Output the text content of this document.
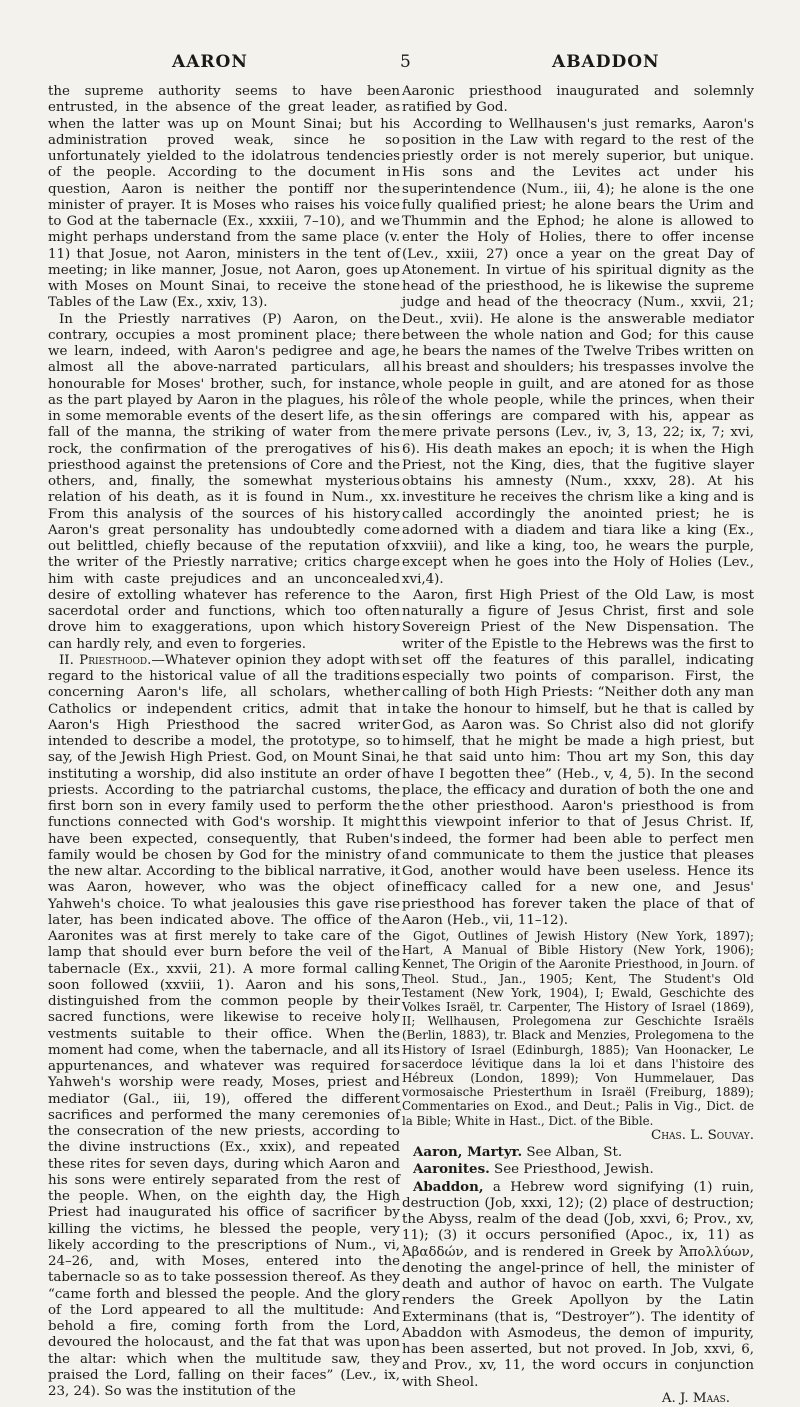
AARON	5	ABADDON

the supreme authority seems to have been entrusted, in the absence of the great leader, as when the latter was up on Mount Sinai; but his administration proved weak, since he so unfortunately yielded to the idolatrous tendencies of the people. According to the document in question, Aaron is neither the pontiff nor the minister of prayer. It is Moses who raises his voice to God at the tabernacle (Ex., xxxiii, 7–10), and we might perhaps understand from the same place (v. 11) that Josue, not Aaron, ministers in the tent of meeting; in like manner, Josue, not Aaron, goes up with Moses on Mount Sinai, to receive the stone Tables of the Law (Ex., xxiv, 13).

In the Priestly narratives (P) Aaron, on the contrary, occupies a most prominent place; there we learn, indeed, with Aaron's pedigree and age, almost all the above-narrated particulars, all honourable for Moses' brother, such, for instance, as the part played by Aaron in the plagues, his rôle in some memorable events of the desert life, as the fall of the manna, the striking of water from the rock, the confirmation of the prerogatives of his priesthood against the pretensions of Core and the others, and, finally, the somewhat mysterious relation of his death, as it is found in Num., xx. From this analysis of the sources of his history Aaron's great personality has undoubtedly come out belittled, chiefly because of the reputation of the writer of the Priestly narrative; critics charge him with caste prejudices and an unconcealed desire of extolling whatever has reference to the sacerdotal order and functions, which too often drove him to exaggerations, upon which history can hardly rely, and even to forgeries.

II. Priesthood.—Whatever opinion they adopt with regard to the historical value of all the traditions concerning Aaron's life, all scholars, whether Catholics or independent critics, admit that in Aaron's High Priesthood the sacred writer intended to describe a model, the prototype, so to say, of the Jewish High Priest. God, on Mount Sinai, instituting a worship, did also institute an order of priests. According to the patriarchal customs, the first born son in every family used to perform the functions connected with God's worship. It might have been expected, consequently, that Ruben's family would be chosen by God for the ministry of the new altar. According to the biblical narrative, it was Aaron, however, who was the object of Yahweh's choice. To what jealousies this gave rise later, has been indicated above. The office of the Aaronites was at first merely to take care of the lamp that should ever burn before the veil of the tabernacle (Ex., xxvii, 21). A more formal calling soon followed (xxviii, 1). Aaron and his sons, distinguished from the common people by their sacred functions, were likewise to receive holy vestments suitable to their office. When the moment had come, when the tabernacle, and all its appurtenances, and whatever was required for Yahweh's worship were ready, Moses, priest and mediator (Gal., iii, 19), offered the different sacrifices and performed the many ceremonies of the consecration of the new priests, according to the divine instructions (Ex., xxix), and repeated these rites for seven days, during which Aaron and his sons were entirely separated from the rest of the people. When, on the eighth day, the High Priest had inaugurated his office of sacrificer by killing the victims, he blessed the people, very likely according to the prescriptions of Num., vi, 24–26, and, with Moses, entered into the tabernacle so as to take possession thereof. As they “came forth and blessed the people. And the glory of the Lord appeared to all the multitude: And behold a fire, coming forth from the Lord, devoured the holocaust, and the fat that was upon the altar: which when the multitude saw, they praised the Lord, falling on their faces” (Lev., ix, 23, 24). So was the institution of the

Aaronic priesthood inaugurated and solemnly ratified by God.

According to Wellhausen's just remarks, Aaron's position in the Law with regard to the rest of the priestly order is not merely superior, but unique. His sons and the Levites act under his superintendence (Num., iii, 4); he alone is the one fully qualified priest; he alone bears the Urim and Thummin and the Ephod; he alone is allowed to enter the Holy of Holies, there to offer incense (Lev., xxiii, 27) once a year on the great Day of Atonement. In virtue of his spiritual dignity as the head of the priesthood, he is likewise the supreme judge and head of the theocracy (Num., xxvii, 21; Deut., xvii). He alone is the answerable mediator between the whole nation and God; for this cause he bears the names of the Twelve Tribes written on his breast and shoulders; his trespasses involve the whole people in guilt, and are atoned for as those of the whole people, while the princes, when their sin offerings are compared with his, appear as mere private persons (Lev., iv, 3, 13, 22; ix, 7; xvi, 6). His death makes an epoch; it is when the High Priest, not the King, dies, that the fugitive slayer obtains his amnesty (Num., xxxv, 28). At his investiture he receives the chrism like a king and is called accordingly the anointed priest; he is adorned with a diadem and tiara like a king (Ex., xxviii), and like a king, too, he wears the purple, except when he goes into the Holy of Holies (Lev., xvi,4).

Aaron, first High Priest of the Old Law, is most naturally a figure of Jesus Christ, first and sole Sovereign Priest of the New Dispensation. The writer of the Epistle to the Hebrews was the first to set off the features of this parallel, indicating especially two points of comparison. First, the calling of both High Priests: “Neither doth any man take the honour to himself, but he that is called by God, as Aaron was. So Christ also did not glorify himself, that he might be made a high priest, but he that said unto him: Thou art my Son, this day have I begotten thee” (Heb., v, 4, 5). In the second place, the efficacy and duration of both the one and the other priesthood. Aaron's priesthood is from this viewpoint inferior to that of Jesus Christ. If, indeed, the former had been able to perfect men and communicate to them the justice that pleases God, another would have been useless. Hence its inefficacy called for a new one, and Jesus' priesthood has forever taken the place of that of Aaron (Heb., vii, 11–12).

Gigot, Outlines of Jewish History (New York, 1897); Hart, A Manual of Bible History (New York, 1906); Kennet, The Origin of the Aaronite Priesthood, in Journ. of Theol. Stud., Jan., 1905; Kent, The Student's Old Testament (New York, 1904), I; Ewald, Geschichte des Volkes Israël, tr. Carpenter, The History of Israel (1869), II; Wellhausen, Prolegomena zur Geschichte Israëls (Berlin, 1883), tr. Black and Menzies, Prolegomena to the History of Israel (Edinburgh, 1885); Van Hoonacker, Le sacerdoce lévitique dans la loi et dans l'histoire des Hébreux (London, 1899); Von Hummelauer, Das vormosaische Priesterthum in Israël (Freiburg, 1889); Commentaries on Exod., and Deut.; Palis in Vig., Dict. de la Bible; White in Hast., Dict. of the Bible.

Chas. L. Souvay.

Aaron, Martyr. See Alban, St.

Aaronites. See Priesthood, Jewish.

Abaddon, a Hebrew word signifying (1) ruin, destruction (Job, xxxi, 12); (2) place of destruction; the Abyss, realm of the dead (Job, xxvi, 6; Prov., xv, 11); (3) it occurs personified (Apoc., ix, 11) as Ἀβαδδών, and is rendered in Greek by Ἀπολλύων, denoting the angel-prince of hell, the minister of death and author of havoc on earth. The Vulgate renders the Greek Apollyon by the Latin Exterminans (that is, “Destroyer”). The identity of Abaddon with Asmodeus, the demon of impurity, has been asserted, but not proved. In Job, xxvi, 6, and Prov., xv, 11, the word occurs in conjunction with Sheol.

A. J. Maas.
